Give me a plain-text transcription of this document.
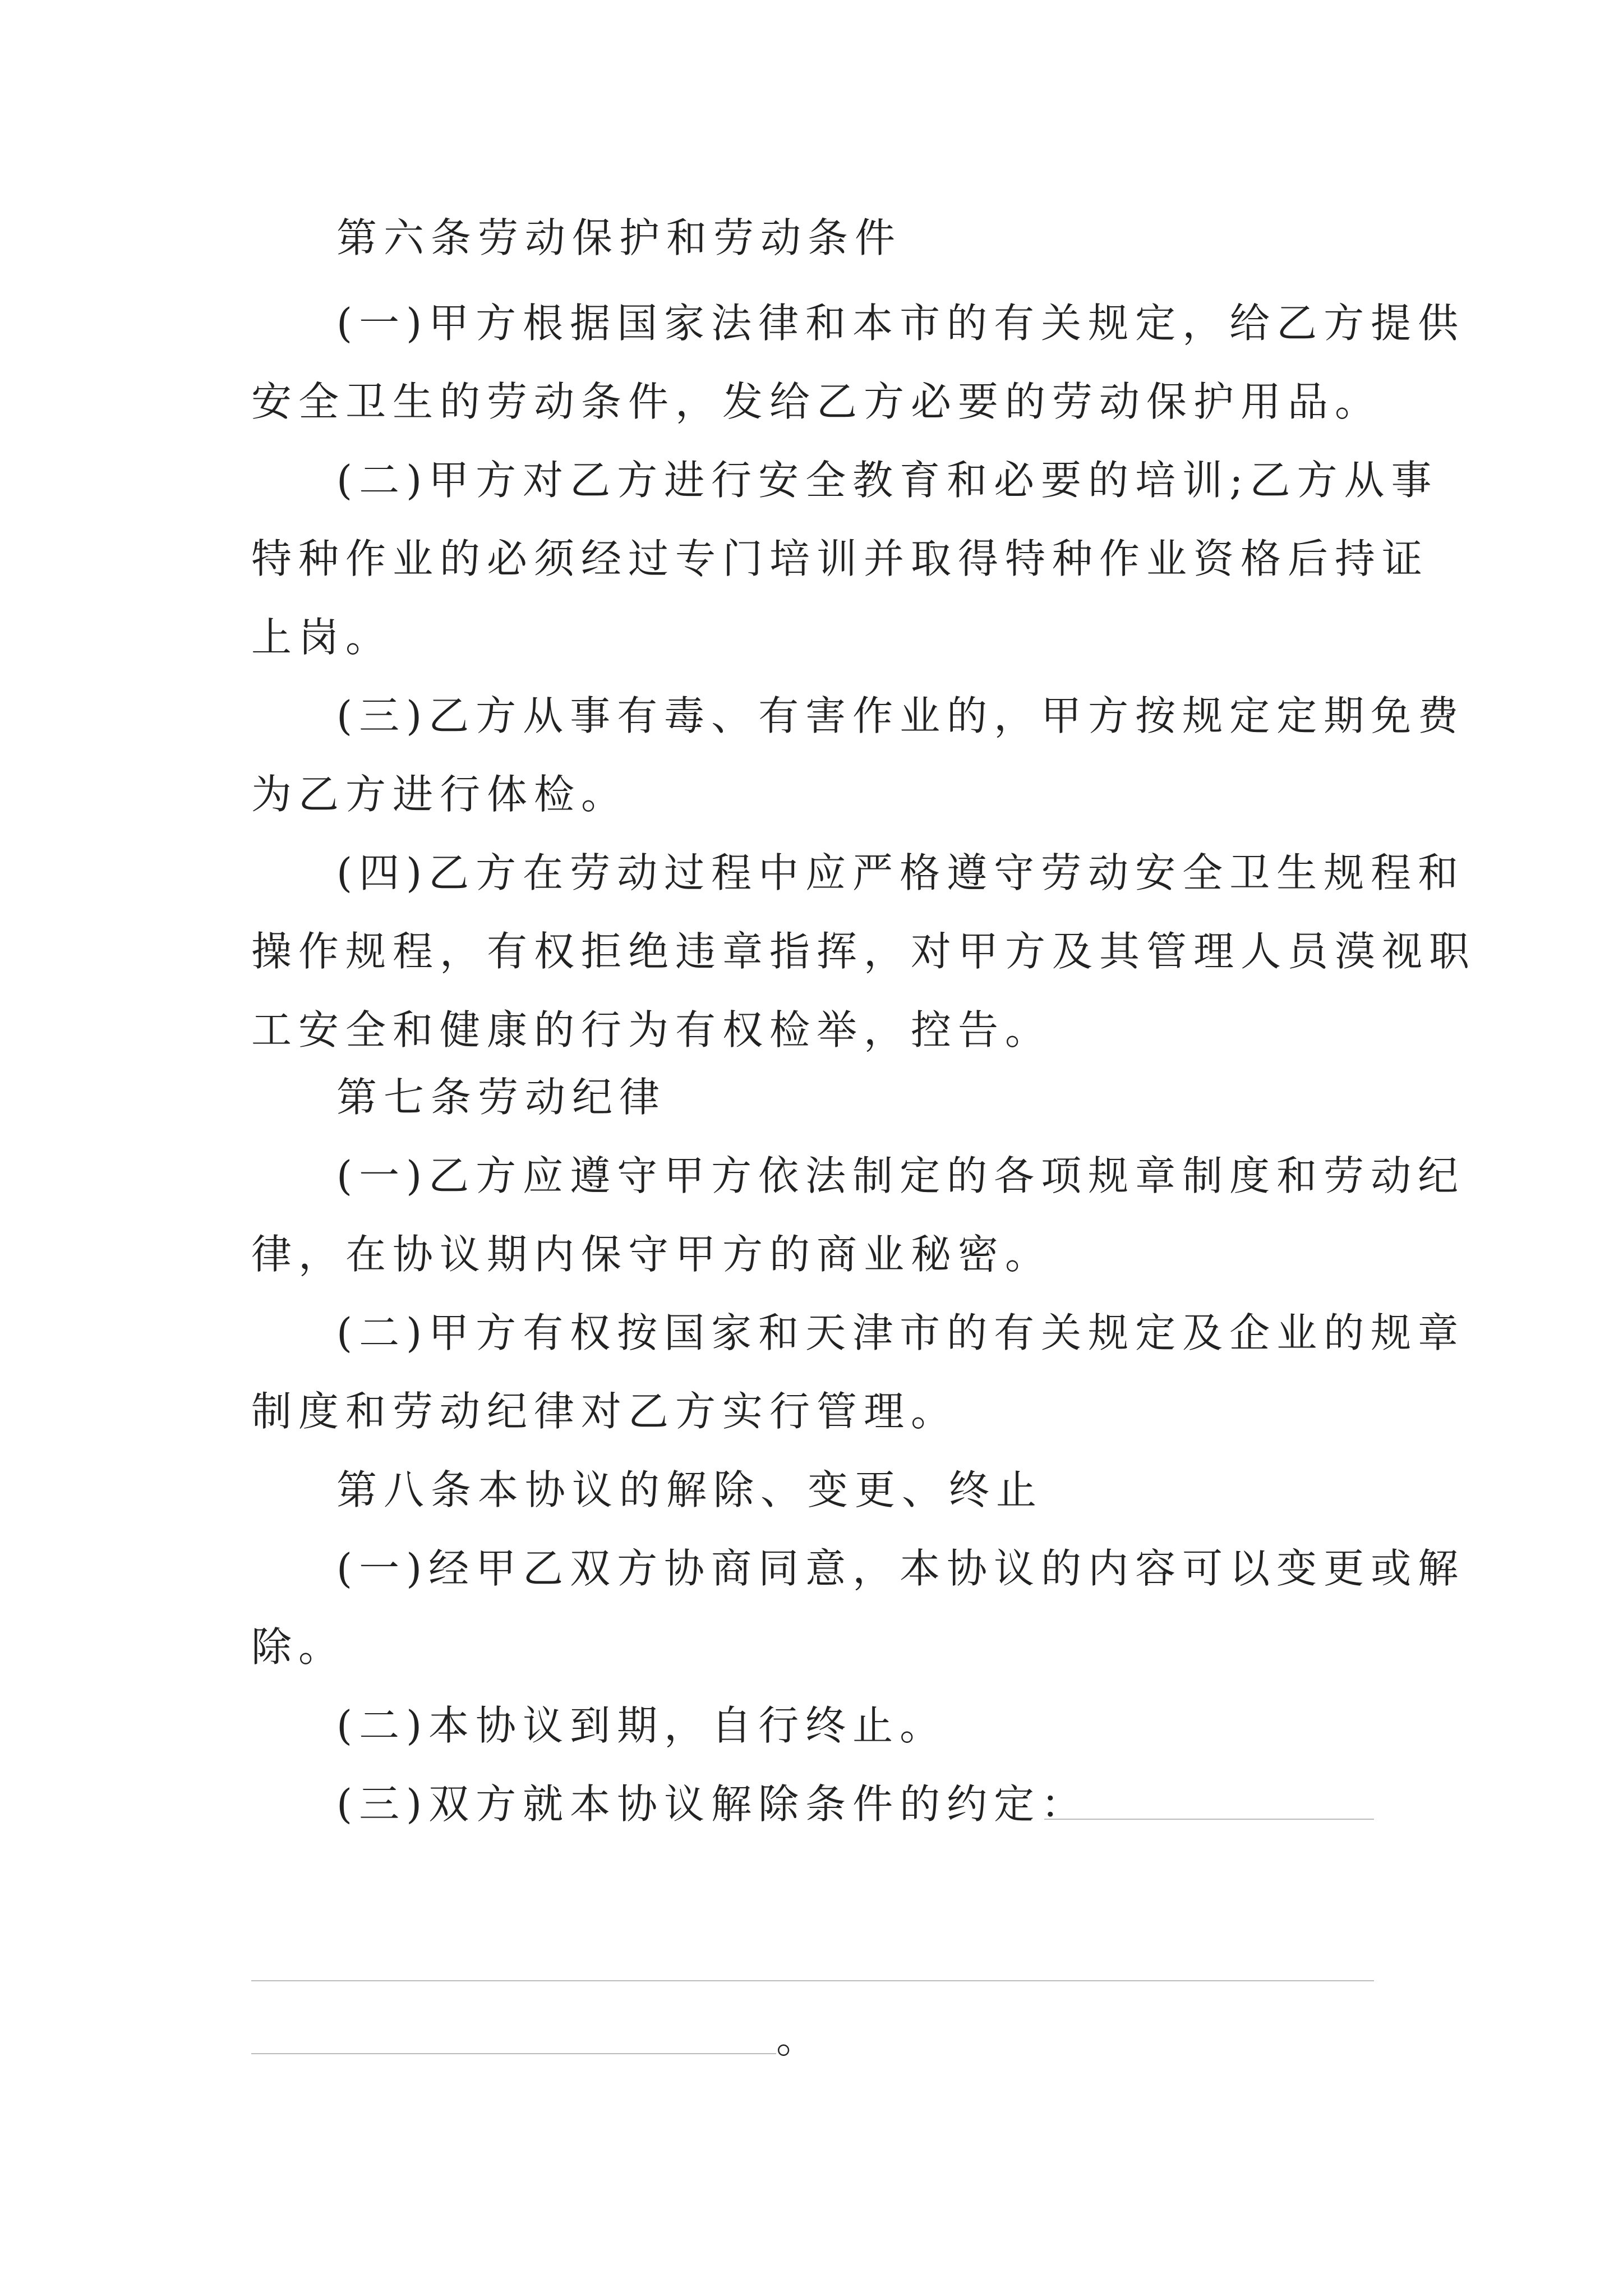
第六条劳动保护和劳动条件
(一)甲方根据国家法律和本市的有关规定，给乙方提供
安全卫生的劳动条件，发给乙方必要的劳动保护用品。
(二)甲方对乙方进行安全教育和必要的培训;乙方从事
特种作业的必须经过专门培训并取得特种作业资格后持证
上岗。
(三)乙方从事有毒、有害作业的，甲方按规定定期免费
为乙方进行体检。
(四)乙方在劳动过程中应严格遵守劳动安全卫生规程和
操作规程，有权拒绝违章指挥，对甲方及其管理人员漠视职
工安全和健康的行为有权检举，控告。
第七条劳动纪律
(一)乙方应遵守甲方依法制定的各项规章制度和劳动纪
律，在协议期内保守甲方的商业秘密。
(二)甲方有权按国家和天津市的有关规定及企业的规章
制度和劳动纪律对乙方实行管理。
第八条本协议的解除、变更、终止
(一)经甲乙双方协商同意，本协议的内容可以变更或解
除。
(二)本协议到期，自行终止。
(三)双方就本协议解除条件的约定：
。
